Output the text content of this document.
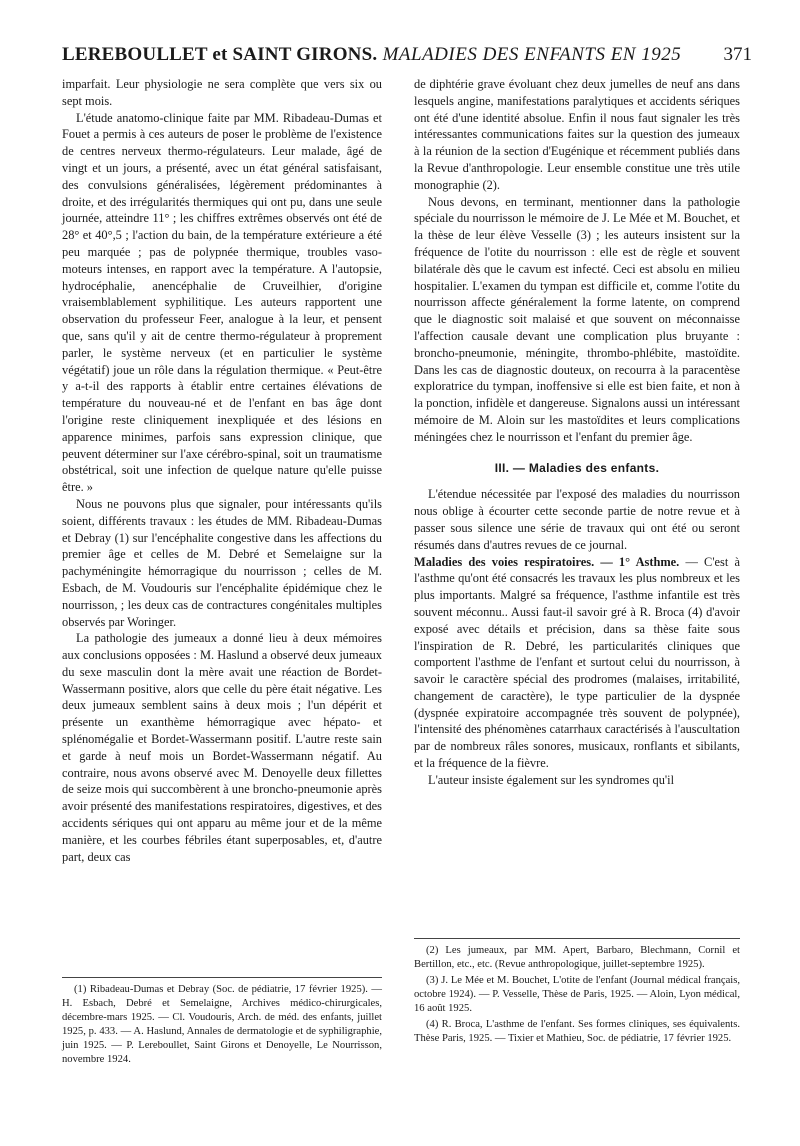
LEREBOULLET et SAINT GIRONS. MALADIES DES ENFANTS EN 1925 371

imparfait. Leur physiologie ne sera complète que vers six ou sept mois.

L'étude anatomo-clinique faite par MM. Ribadeau-Dumas et Fouet a permis à ces auteurs de poser le problème de l'existence de centres nerveux thermo-régulateurs. Leur malade, âgé de vingt et un jours, a présenté, avec un état général satisfaisant, des convulsions généralisées, légèrement prédominantes à droite, et des irrégularités thermiques qui ont pu, dans une seule journée, atteindre 11° ; les chiffres extrêmes observés ont été de 28° et 40°,5 ; l'action du bain, de la température extérieure a été peu marquée ; pas de polypnée thermique, troubles vaso-moteurs intenses, en rapport avec la température. A l'autopsie, hydrocéphalie, anencéphalie de Cruveilhier, d'origine vraisemblablement syphilitique. Les auteurs rapportent une observation du professeur Feer, analogue à la leur, et pensent que, sans qu'il y ait de centre thermo-régulateur à proprement parler, le système nerveux (et en particulier le système végétatif) joue un rôle dans la régulation thermique. « Peut-être y a-t-il des rapports à établir entre certaines élévations de température du nouveau-né et de l'enfant en bas âge dont l'origine reste cliniquement inexpliquée et des lésions en apparence minimes, parfois sans expression clinique, que peuvent déterminer sur l'axe cérébro-spinal, soit un traumatisme obstétrical, soit une infection de quelque nature qu'elle puisse être. »

Nous ne pouvons plus que signaler, pour intéressants qu'ils soient, différents travaux : les études de MM. Ribadeau-Dumas et Debray (1) sur l'encéphalite congestive dans les affections du premier âge et celles de M. Debré et Semelaigne sur la pachyméningite hémorragique du nourrisson ; celles de M. Esbach, de M. Voudouris sur l'encéphalite épidémique chez le nourrisson, ; les deux cas de contractures congénitales multiples observés par Woringer.

La pathologie des jumeaux a donné lieu à deux mémoires aux conclusions opposées : M. Haslund a observé deux jumeaux du sexe masculin dont la mère avait une réaction de Bordet-Wassermann positive, alors que celle du père était négative. Les deux jumeaux semblent sains à deux mois ; l'un dépérit et présente un exanthème hémorragique avec hépato- et splénomégalie et Bordet-Wassermann positif. L'autre reste sain et garde à neuf mois un Bordet-Wassermann négatif. Au contraire, nous avons observé avec M. Denoyelle deux fillettes de seize mois qui succombèrent à une broncho-pneumonie après avoir présenté des manifestations respiratoires, digestives, et des accidents sériques qui ont apparu au même jour et de la même manière, et les courbes fébriles étant superposables, et, d'autre part, deux cas

de diphtérie grave évoluant chez deux jumelles de neuf ans dans lesquels angine, manifestations paralytiques et accidents sériques ont été d'une identité absolue. Enfin il nous faut signaler les très intéressantes communications faites sur la question des jumeaux à la réunion de la section d'Eugénique et récemment publiés dans la Revue d'anthropologie. Leur ensemble constitue une très utile monographie (2).

Nous devons, en terminant, mentionner dans la pathologie spéciale du nourrisson le mémoire de J. Le Mée et M. Bouchet, et la thèse de leur élève Vesselle (3) ; les auteurs insistent sur la fréquence de l'otite du nourrisson : elle est de règle et souvent bilatérale dès que le cavum est infecté. Ceci est absolu en milieu hospitalier. L'examen du tympan est difficile et, comme l'otite du nourrisson affecte généralement la forme latente, on comprend que le diagnostic soit malaisé et que souvent on méconnaisse l'affection causale devant une complication plus bruyante : broncho-pneumonie, méningite, thrombo-phlébite, mastoïdite. Dans les cas de diagnostic douteux, on recourra à la paracentèse exploratrice du tympan, inoffensive si elle est bien faite, et non à la ponction, infidèle et dangereuse. Signalons aussi un intéressant mémoire de M. Aloin sur les mastoïdites et leurs complications méningées chez le nourrisson et l'enfant du premier âge.

III. — Maladies des enfants.

L'étendue nécessitée par l'exposé des maladies du nourrisson nous oblige à écourter cette seconde partie de notre revue et à passer sous silence une série de travaux qui ont été ou seront résumés dans d'autres revues de ce journal.

Maladies des voies respiratoires. — 1° Asthme. — C'est à l'asthme qu'ont été consacrés les travaux les plus nombreux et les plus importants. Malgré sa fréquence, l'asthme infantile est très souvent méconnu.. Aussi faut-il savoir gré à R. Broca (4) d'avoir exposé avec détails et précision, dans sa thèse faite sous l'inspiration de R. Debré, les particularités cliniques que comportent l'asthme de l'enfant et surtout celui du nourrisson, à savoir le caractère spécial des prodromes (malaises, irritabilité, changement de caractère), le type particulier de la dyspnée (dyspnée expiratoire accompagnée très souvent de polypnée), l'intensité des phénomènes catarrhaux caractérisés à l'auscultation par de nombreux râles sonores, musicaux, ronflants et sibilants, et la fréquence de la fièvre.

L'auteur insiste également sur les syndromes qu'il

(1) Ribadeau-Dumas et Debray (Soc. de pédiatrie, 17 février 1925). — H. Esbach, Debré et Semelaigne, Archives médico-chirurgicales, décembre-mars 1925. — Cl. Voudouris, Arch. de méd. des enfants, juillet 1925, p. 433. — A. Haslund, Annales de dermatologie et de syphiligraphie, juin 1925. — P. Lereboullet, Saint Girons et Denoyelle, Le Nourrisson, novembre 1924.

(2) Les jumeaux, par MM. Apert, Barbaro, Blechmann, Cornil et Bertillon, etc., etc. (Revue anthropologique, juillet-septembre 1925).

(3) J. Le Mée et M. Bouchet, L'otite de l'enfant (Journal médical français, octobre 1924). — P. Vesselle, Thèse de Paris, 1925. — Aloin, Lyon médical, 16 août 1925.

(4) R. Broca, L'asthme de l'enfant. Ses formes cliniques, ses équivalents. Thèse Paris, 1925. — Tixier et Mathieu, Soc. de pédiatrie, 17 février 1925.
